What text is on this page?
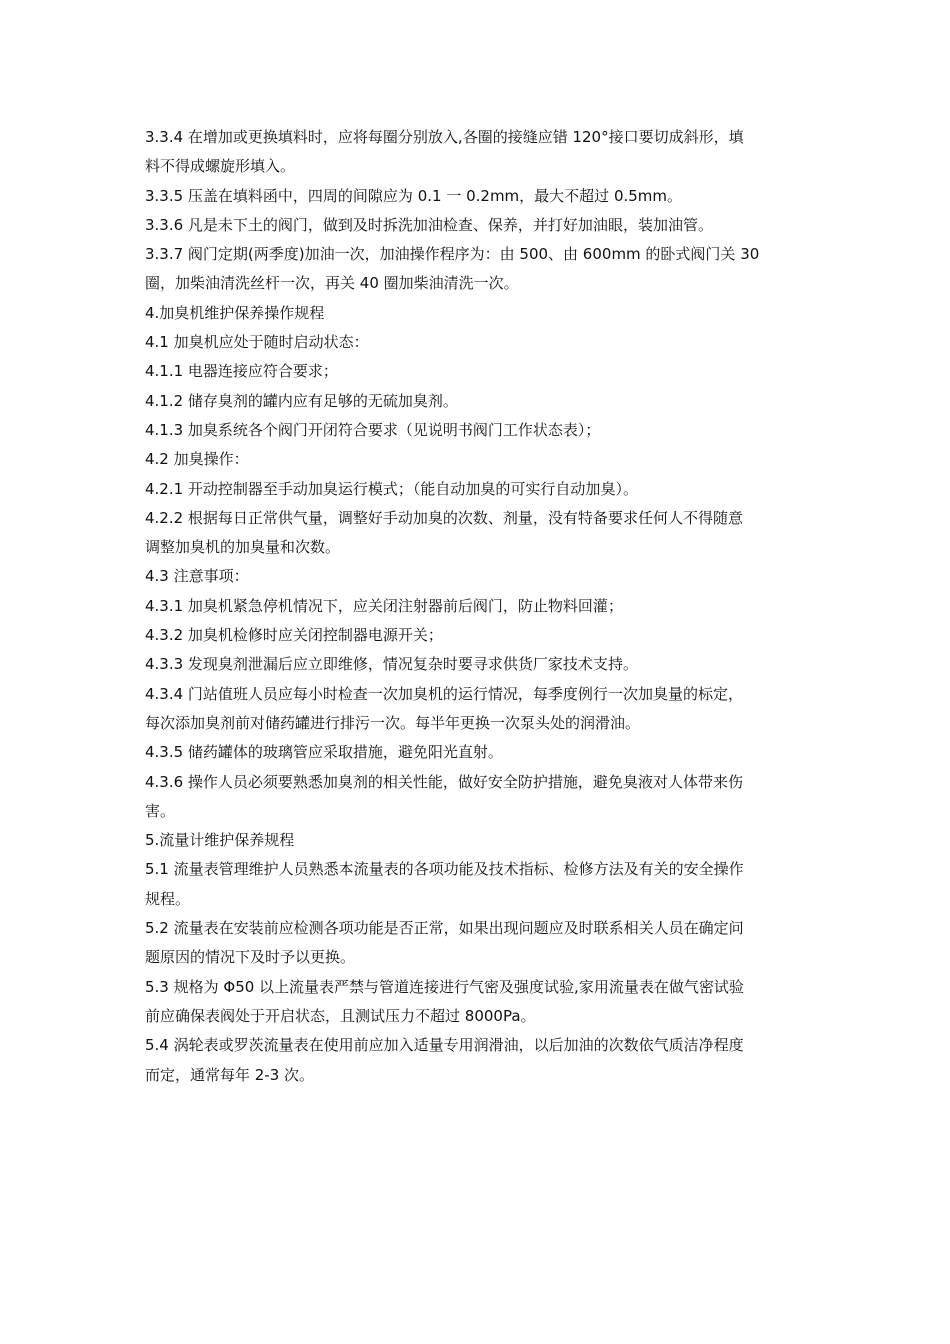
3.3.4 在增加或更换填料时，应将每圈分别放入,各圈的接缝应错 120°接口要切成斜形，填
料不得成螺旋形填入。
3.3.5 压盖在填料函中，四周的间隙应为 0.1 一 0.2mm，最大不超过 0.5mm。
3.3.6 凡是未下土的阀门，做到及时拆洗加油检查、保养，并打好加油眼，装加油管。
3.3.7 阀门定期(两季度)加油一次，加油操作程序为：由 500、由 600mm 的卧式阀门关 30
圈，加柴油清洗丝杆一次，再关 40 圈加柴油清洗一次。
4.加臭机维护保养操作规程
4.1 加臭机应处于随时启动状态：
4.1.1 电器连接应符合要求；
4.1.2 储存臭剂的罐内应有足够的无硫加臭剂。
4.1.3 加臭系统各个阀门开闭符合要求（见说明书阀门工作状态表）；
4.2 加臭操作：
4.2.1 开动控制器至手动加臭运行模式；（能自动加臭的可实行自动加臭）。
4.2.2 根据每日正常供气量，调整好手动加臭的次数、剂量，没有特备要求任何人不得随意
调整加臭机的加臭量和次数。
4.3 注意事项：
4.3.1 加臭机紧急停机情况下，应关闭注射器前后阀门，防止物料回灌；
4.3.2 加臭机检修时应关闭控制器电源开关；
4.3.3 发现臭剂泄漏后应立即维修，情况复杂时要寻求供货厂家技术支持。
4.3.4 门站值班人员应每小时检查一次加臭机的运行情况，每季度例行一次加臭量的标定，
每次添加臭剂前对储药罐进行排污一次。每半年更换一次泵头处的润滑油。
4.3.5 储药罐体的玻璃管应采取措施，避免阳光直射。
4.3.6 操作人员必须要熟悉加臭剂的相关性能，做好安全防护措施，避免臭液对人体带来伤
害。
5.流量计维护保养规程
5.1 流量表管理维护人员熟悉本流量表的各项功能及技术指标、检修方法及有关的安全操作
规程。
5.2 流量表在安装前应检测各项功能是否正常，如果出现问题应及时联系相关人员在确定问
题原因的情况下及时予以更换。
5.3 规格为 Φ50 以上流量表严禁与管道连接进行气密及强度试验,家用流量表在做气密试验
前应确保表阀处于开启状态，且测试压力不超过 8000Pa。
5.4 涡轮表或罗茨流量表在使用前应加入适量专用润滑油，以后加油的次数依气质洁净程度
而定，通常每年 2-3 次。
